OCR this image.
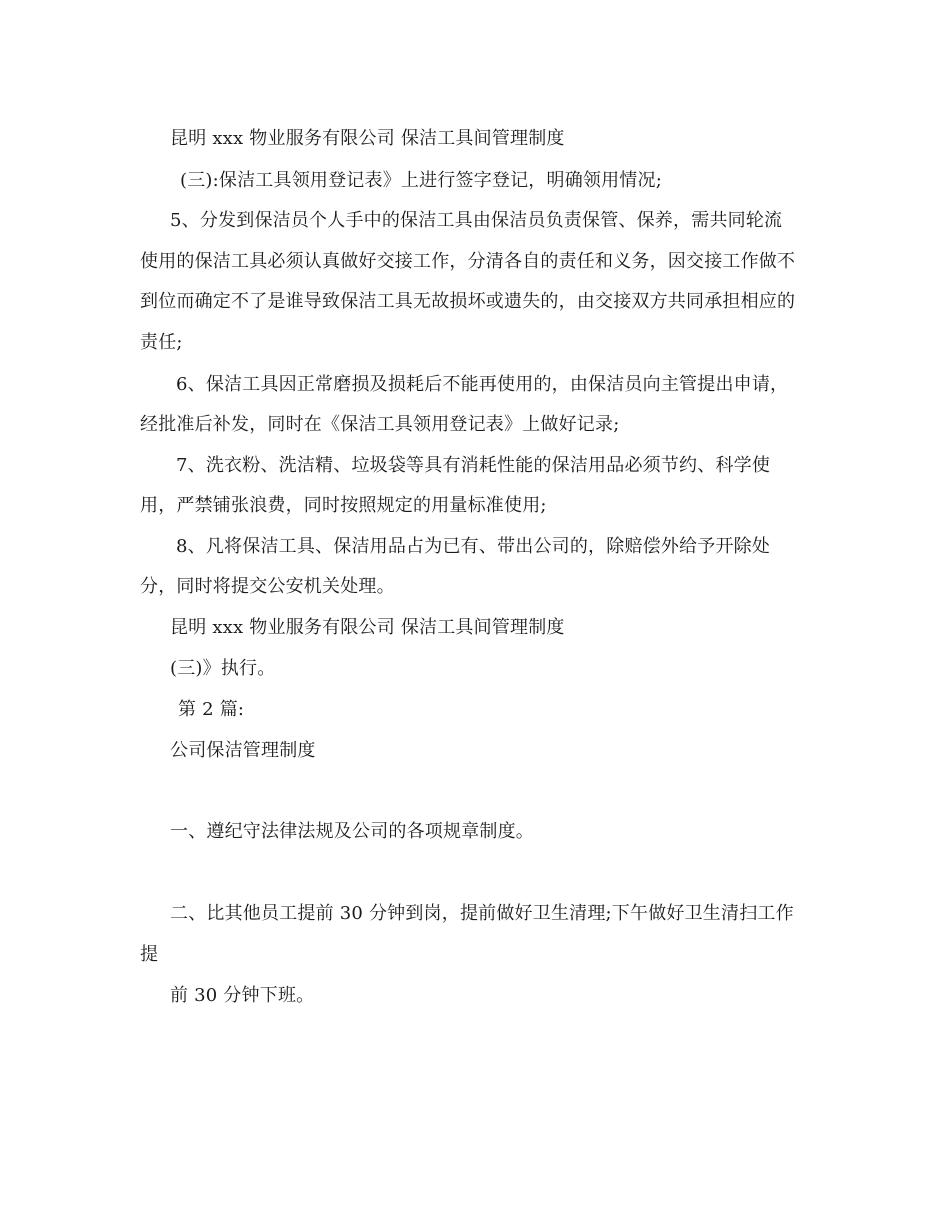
昆明 xxx 物业服务有限公司 保洁工具间管理制度
(三):保洁工具领用登记表》上进行签字登记，明确领用情况;
5、分发到保洁员个人手中的保洁工具由保洁员负责保管、保养，需共同轮流
使用的保洁工具必须认真做好交接工作，分清各自的责任和义务，因交接工作做不
到位而确定不了是谁导致保洁工具无故损坏或遗失的，由交接双方共同承担相应的
责任;
6、保洁工具因正常磨损及损耗后不能再使用的，由保洁员向主管提出申请，
经批准后补发，同时在《保洁工具领用登记表》上做好记录;
7、洗衣粉、洗洁精、垃圾袋等具有消耗性能的保洁用品必须节约、科学使
用，严禁铺张浪费，同时按照规定的用量标准使用;
8、凡将保洁工具、保洁用品占为已有、带出公司的，除赔偿外给予开除处
分，同时将提交公安机关处理。
昆明 xxx 物业服务有限公司 保洁工具间管理制度
(三)》执行。
第 2 篇:
公司保洁管理制度
一、遵纪守法律法规及公司的各项规章制度。
二、比其他员工提前 30 分钟到岗，提前做好卫生清理;下午做好卫生清扫工作
提
前 30 分钟下班。
